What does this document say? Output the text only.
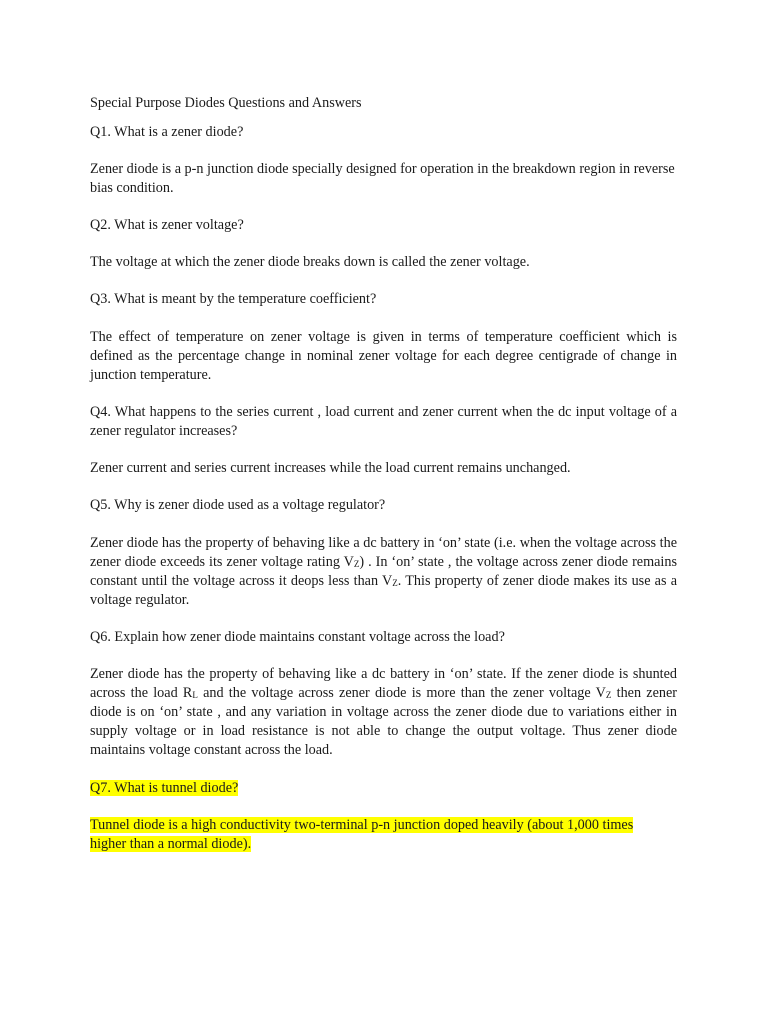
Special Purpose Diodes Questions and Answers

Q1. What is a zener diode?

Zener diode is a p-n junction diode specially designed for operation in the breakdown region in reverse bias condition.

Q2. What is zener voltage?

The voltage at which the zener diode breaks down is called the zener voltage.

Q3. What is meant by the temperature coefficient?

The effect of temperature on zener voltage is given in terms of temperature coefficient which is defined as the percentage change in nominal zener voltage for each degree centigrade of change in junction temperature.

Q4. What happens to the series current , load current and zener current when the dc input voltage of a zener regulator increases?

Zener current and series current increases while the load current remains unchanged.

Q5. Why is zener diode used as a voltage regulator?

Zener diode has the property of behaving like a dc battery in ‘on’ state (i.e. when the voltage across the zener diode exceeds its zener voltage rating VZ) . In ‘on’ state , the voltage across zener diode remains constant until the voltage across it deops less than VZ. This property of zener diode makes its use as a voltage regulator.

Q6. Explain how zener diode maintains constant voltage across the load?

Zener diode has the property of behaving like a dc battery in ‘on’ state. If the zener diode is shunted across the load RL and the voltage across zener diode is more than the zener voltage VZ then zener diode is on ‘on’ state , and any variation in voltage across the zener diode due to variations either in supply voltage or in load resistance is not able to change the output voltage. Thus zener diode maintains voltage constant across the load.

Q7. What is tunnel diode?

Tunnel diode is a high conductivity two-terminal p-n junction doped heavily (about 1,000 times
higher than a normal diode).
